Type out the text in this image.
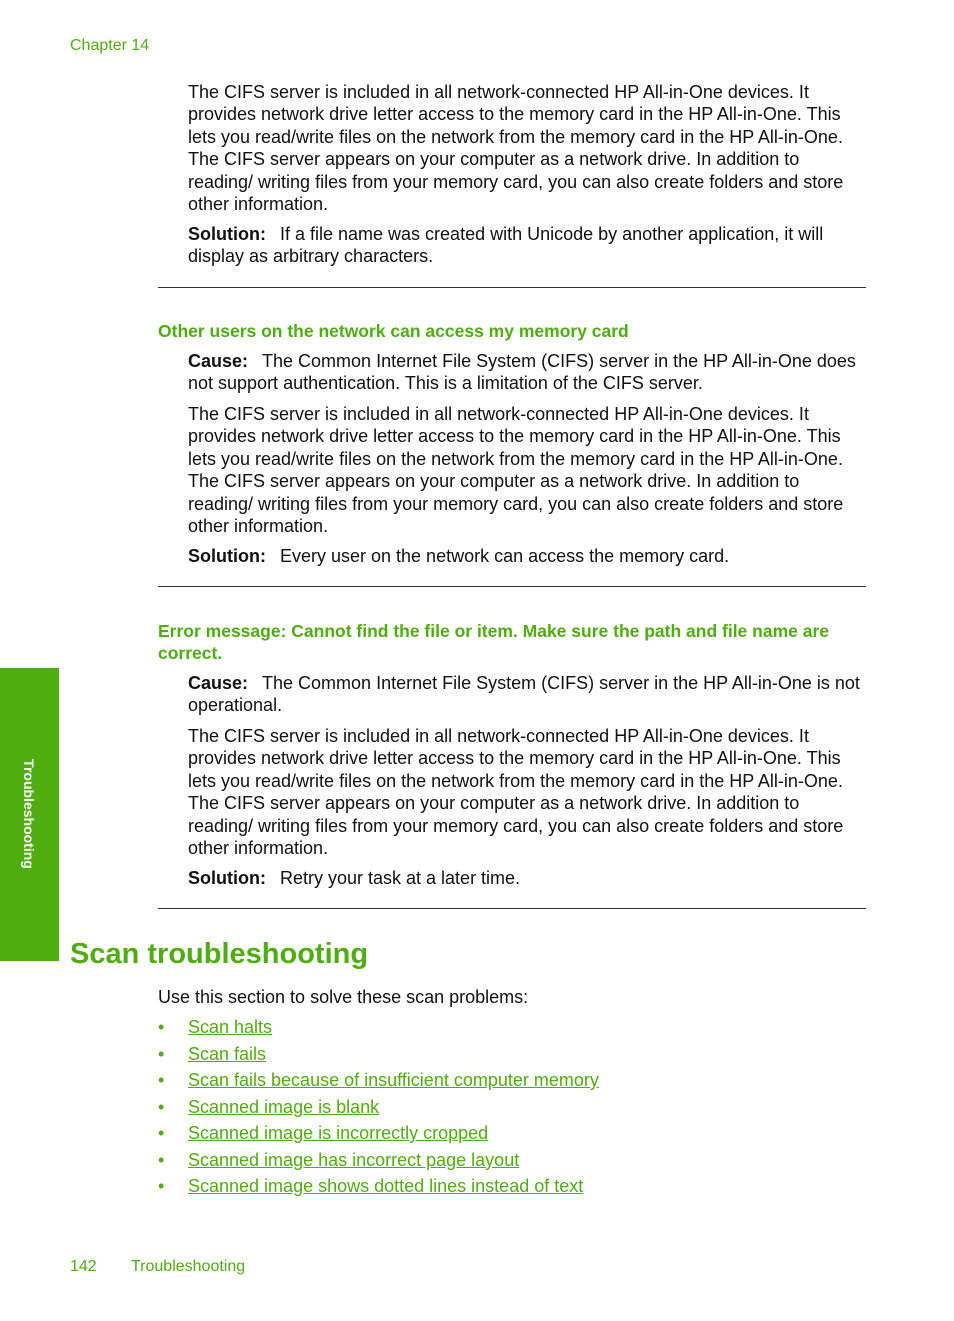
Chapter 14
Troubleshooting
The CIFS server is included in all network-connected HP All-in-One devices. It provides network drive letter access to the memory card in the HP All-in-One. This lets you read/write files on the network from the memory card in the HP All-in-One. The CIFS server appears on your computer as a network drive. In addition to reading/ writing files from your memory card, you can also create folders and store other information.
Solution: If a file name was created with Unicode by another application, it will display as arbitrary characters.
Other users on the network can access my memory card
Cause: The Common Internet File System (CIFS) server in the HP All-in-One does not support authentication. This is a limitation of the CIFS server.
The CIFS server is included in all network-connected HP All-in-One devices. It provides network drive letter access to the memory card in the HP All-in-One. This lets you read/write files on the network from the memory card in the HP All-in-One. The CIFS server appears on your computer as a network drive. In addition to reading/ writing files from your memory card, you can also create folders and store other information.
Solution: Every user on the network can access the memory card.
Error message: Cannot find the file or item. Make sure the path and file name are correct.
Cause: The Common Internet File System (CIFS) server in the HP All-in-One is not operational.
The CIFS server is included in all network-connected HP All-in-One devices. It provides network drive letter access to the memory card in the HP All-in-One. This lets you read/write files on the network from the memory card in the HP All-in-One. The CIFS server appears on your computer as a network drive. In addition to reading/ writing files from your memory card, you can also create folders and store other information.
Solution: Retry your task at a later time.
Scan troubleshooting
Use this section to solve these scan problems:
• Scan halts
• Scan fails
• Scan fails because of insufficient computer memory
• Scanned image is blank
• Scanned image is incorrectly cropped
• Scanned image has incorrect page layout
• Scanned image shows dotted lines instead of text
142 Troubleshooting
